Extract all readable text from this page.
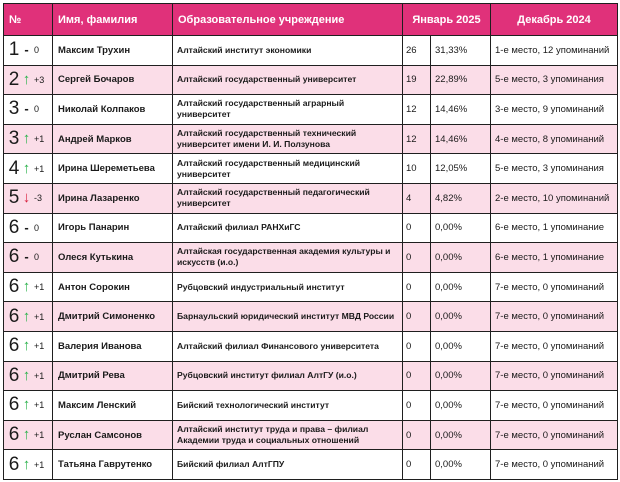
№	Имя, фамилия	Образовательное учреждение	Январь 2025		Декабрь 2024
1 - 0	Максим Трухин	Алтайский институт экономики	26	31,33%	1-е место, 12 упоминаний
2 ↑ +3	Сергей Бочаров	Алтайский государственный университет	19	22,89%	5-е место, 3 упоминания
3 - 0	Николай Колпаков	Алтайский государственный аграрный университет	12	14,46%	3-е место, 9 упоминаний
3 ↑ +1	Андрей Марков	Алтайский государственный технический университет имени И. И. Ползунова	12	14,46%	4-е место, 8 упоминаний
4 ↑ +1	Ирина Шереметьева	Алтайский государственный медицинский университет	10	12,05%	5-е место, 3 упоминания
5 ↓ -3	Ирина Лазаренко	Алтайский государственный педагогический университет	4	4,82%	2-е место, 10 упоминаний
6 - 0	Игорь Панарин	Алтайский филиал РАНХиГС	0	0,00%	6-е место, 1 упоминание
6 - 0	Олеся Кутькина	Алтайская государственная академия культуры и искусств (и.о.)	0	0,00%	6-е место, 1 упоминание
6 ↑ +1	Антон Сорокин	Рубцовский индустриальный институт	0	0,00%	7-е место, 0 упоминаний
6 ↑ +1	Дмитрий Симоненко	Барнаульский юридический институт МВД России	0	0,00%	7-е место, 0 упоминаний
6 ↑ +1	Валерия Иванова	Алтайский филиал Финансового университета	0	0,00%	7-е место, 0 упоминаний
6 ↑ +1	Дмитрий Рева	Рубцовский институт филиал АлтГУ (и.о.)	0	0,00%	7-е место, 0 упоминаний
6 ↑ +1	Максим Ленский	Бийский технологический институт	0	0,00%	7-е место, 0 упоминаний
6 ↑ +1	Руслан Самсонов	Алтайский институт труда и права – филиал Академии труда и социальных отношений	0	0,00%	7-е место, 0 упоминаний
6 ↑ +1	Татьяна Гаврутенко	Бийский филиал АлтГПУ	0	0,00%	7-е место, 0 упоминаний
